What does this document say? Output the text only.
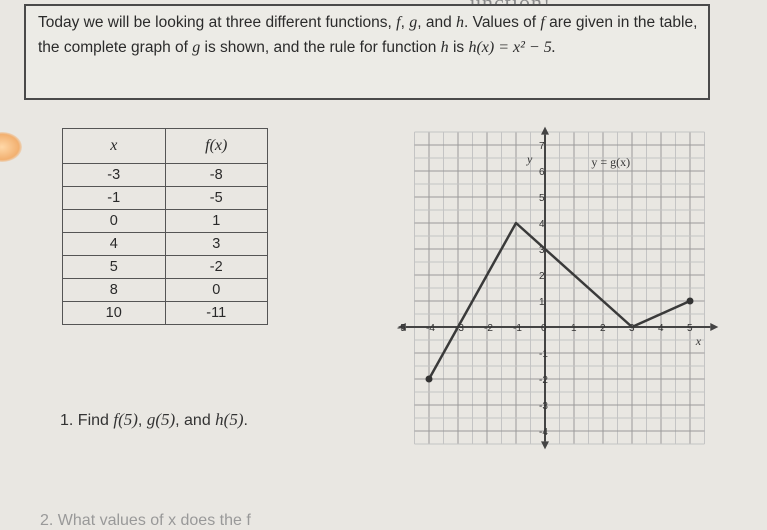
Today we will be looking at three different functions, f, g, and h. Values of f are given in the table, the complete graph of g is shown, and the rule for function h is h(x) = x² − 5.
x	f(x)
-3	-8
-1	-5
0	1
4	3
5	-2
8	0
10	-11
-5 -4 -3 -2 -1	1 2 3 4 5
7
6
5
4
3
2
1
-1
-2
-3
-4
0
y = g(x)
y
x
1. Find f(5), g(5), and h(5).
2. What values of x does the f
